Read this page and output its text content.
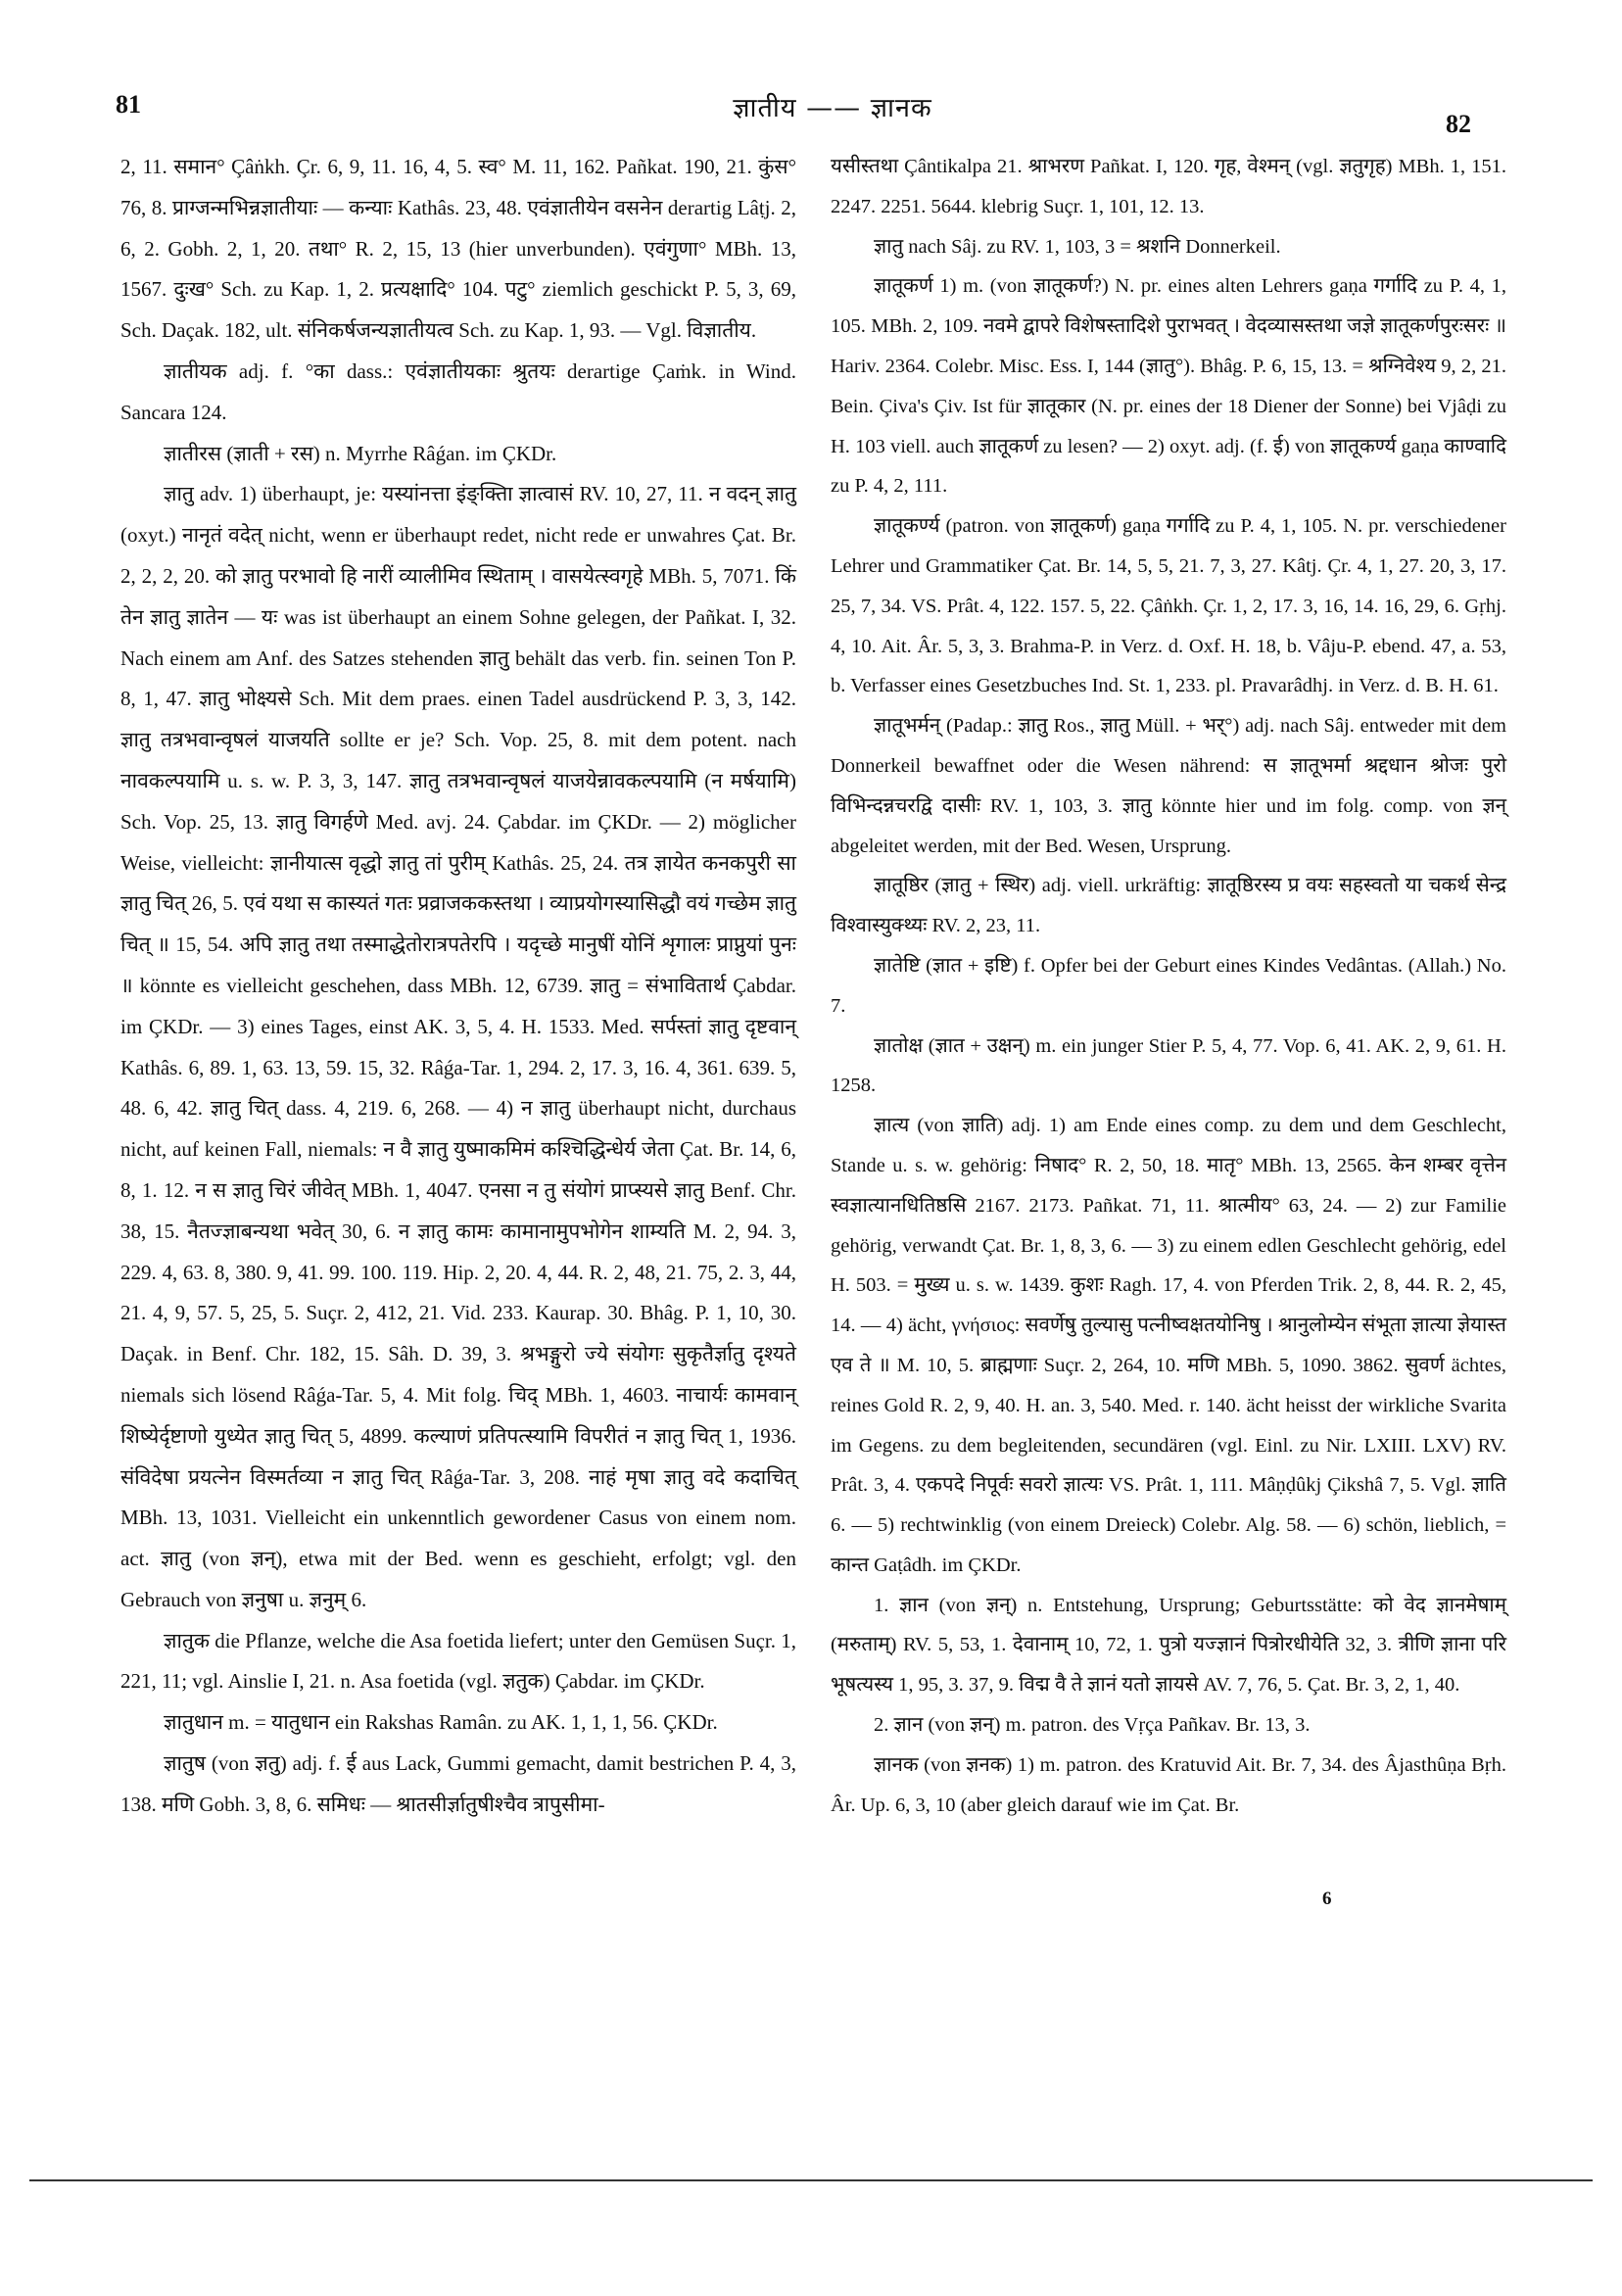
81	ज्ञातीय —— ज्ञानक
82

2, 11. समान° Çâṅkh. Çr. 6, 9, 11. 16, 4, 5. स्व° M. 11, 162. Pañkat. 190, 21. कुंस° 76, 8. प्राग्जन्मभिन्नज्ञातीयाः — कन्याः Kathâs. 23, 48. एवंज्ञातीयेन वसनेन derartig Lâṭj. 2, 6, 2. Gobh. 2, 1, 20. तथा° R. 2, 15, 13 (hier unverbunden). एवंगुणा° MBh. 13, 1567. दुःख° Sch. zu Kap. 1, 2. प्रत्यक्षादि° 104. पटु° ziemlich geschickt P. 5, 3, 69, Sch. Daçak. 182, ult. संनिकर्षजन्यज्ञातीयत्व Sch. zu Kap. 1, 93. — Vgl. विज्ञातीय.

ज्ञातीयक adj. f. °का dass.: एवंज्ञातीयकाः श्रुतयः derartige Çaṁk. in Wind. Sancara 124.

ज्ञातीरस (ज्ञाती + रस) n. Myrrhe Râǵan. im ÇKDr.

ज्ञातु adv. 1) überhaupt, je: यस्यांनत्ता इंङ्क्तिा ज्ञात्वासं RV. 10, 27, 11. न वदन् ज्ञातु (oxyt.) नानृतं वदेत् nicht, wenn er überhaupt redet, nicht rede er unwahres Çat. Br. 2, 2, 2, 20. को ज्ञातु परभावो हि नारीं व्यालीमिव स्थिताम् । वासयेत्स्वगृहे MBh. 5, 7071. किं तेन ज्ञातु ज्ञातेन — यः was ist überhaupt an einem Sohne gelegen, der Pañkat. I, 32. Nach einem am Anf. des Satzes stehenden ज्ञातु behält das verb. fin. seinen Ton P. 8, 1, 47. ज्ञातु भोक्ष्यसे Sch. Mit dem praes. einen Tadel ausdrückend P. 3, 3, 142. ज्ञातु तत्रभवान्वृषलं याजयति sollte er je? Sch. Vop. 25, 8. mit dem potent. nach नावकल्पयामि u. s. w. P. 3, 3, 147. ज्ञातु तत्रभवान्वृषलं याजयेन्नावकल्पयामि (न मर्षयामि) Sch. Vop. 25, 13. ज्ञातु विगर्हणे Med. avj. 24. Çabdar. im ÇKDr. — 2) möglicher Weise, vielleicht: ज्ञानीयात्स वृद्धो ज्ञातु तां पुरीम् Kathâs. 25, 24. तत्र ज्ञायेत कनकपुरी सा ज्ञातु चित् 26, 5. एवं यथा स कास्यतं गतः प्रव्राजककस्तथा । व्याप्रयोगस्यासिद्धौ वयं गच्छेम ज्ञातु चित् ॥ 15, 54. अपि ज्ञातु तथा तस्माद्धेतोरात्रपतेरपि । यदृच्छे मानुषीं योनिं शृगालः प्राप्नुयां पुनः ॥ könnte es vielleicht geschehen, dass MBh. 12, 6739. ज्ञातु = संभावितार्थ Çabdar. im ÇKDr. — 3) eines Tages, einst AK. 3, 5, 4. H. 1533. Med. सर्पस्तां ज्ञातु दृष्टवान् Kathâs. 6, 89. 1, 63. 13, 59. 15, 32. Râǵa-Tar. 1, 294. 2, 17. 3, 16. 4, 361. 639. 5, 48. 6, 42. ज्ञातु चित् dass. 4, 219. 6, 268. — 4) न ज्ञातु überhaupt nicht, durchaus nicht, auf keinen Fall, niemals: न वै ज्ञातु युष्माकमिमं कश्चिद्धिन्धेर्य जेता Çat. Br. 14, 6, 8, 1. 12. न स ज्ञातु चिरं जीवेत् MBh. 1, 4047. एनसा न तु संयोगं प्राप्स्यसे ज्ञातु Benf. Chr. 38, 15. नैतज्ज्ञाबन्यथा भवेत् 30, 6. न ज्ञातु कामः कामानामुपभोगेन शाम्यति M. 2, 94. 3, 229. 4, 63. 8, 380. 9, 41. 99. 100. 119. Hip. 2, 20. 4, 44. R. 2, 48, 21. 75, 2. 3, 44, 21. 4, 9, 57. 5, 25, 5. Suçr. 2, 412, 21. Vid. 233. Kaurap. 30. Bhâg. P. 1, 10, 30. Daçak. in Benf. Chr. 182, 15. Sâh. D. 39, 3. श्रभङ्गुरो ज्ये संयोगः सुकृतैर्ज्ञातु दृश्यते niemals sich lösend Râǵa-Tar. 5, 4. Mit folg. चिद् MBh. 1, 4603. नाचार्यः कामवान् शिष्येर्दृष्टाणो युध्येत ज्ञातु चित् 5, 4899. कल्याणं प्रतिपत्स्यामि विपरीतं न ज्ञातु चित् 1, 1936. संविदेषा प्रयत्नेन विस्मर्तव्या न ज्ञातु चित् Râǵa-Tar. 3, 208. नाहं मृषा ज्ञातु वदे कदाचित् MBh. 13, 1031. Vielleicht ein unkenntlich gewordener Casus von einem nom. act. ज्ञातु (von ज्ञन्), etwa mit der Bed. wenn es geschieht, erfolgt; vgl. den Gebrauch von ज्ञनुषा u. ज्ञनुम् 6.

ज्ञातुक die Pflanze, welche die Asa foetida liefert; unter den Gemüsen Suçr. 1, 221, 11; vgl. Ainslie I, 21. n. Asa foetida (vgl. ज्ञतुक) Çabdar. im ÇKDr.

ज्ञातुधान m. = यातुधान ein Rakshas Ramân. zu AK. 1, 1, 1, 56. ÇKDr.

ज्ञातुष (von ज्ञतु) adj. f. ई aus Lack, Gummi gemacht, damit bestrichen P. 4, 3, 138. मणि Gobh. 3, 8, 6. समिधः — श्रातसीर्ज्ञातुषीश्चैव त्रापुसीमा-

यसीस्तथा Çântikalpa 21. श्राभरण Pañkat. I, 120. गृह, वेश्मन् (vgl. ज्ञतुगृह) MBh. 1, 151. 2247. 2251. 5644. klebrig Suçr. 1, 101, 12. 13.

ज्ञातु nach Sâj. zu RV. 1, 103, 3 = श्रशनि Donnerkeil.

ज्ञातूकर्ण 1) m. (von ज्ञातूकर्ण?) N. pr. eines alten Lehrers gaṇa गर्गादि zu P. 4, 1, 105. MBh. 2, 109. नवमे द्वापरे विशेषस्तादिशे पुराभवत् । वेदव्यासस्तथा जज्ञे ज्ञातूकर्णपुरःसरः ॥ Hariv. 2364. Colebr. Misc. Ess. I, 144 (ज्ञातु°). Bhâg. P. 6, 15, 13. = श्रग्निवेश्य 9, 2, 21. Bein. Çiva's Çiv. Ist für ज्ञातूकार (N. pr. eines der 18 Diener der Sonne) bei Vjâḍi zu H. 103 viell. auch ज्ञातूकर्ण zu lesen? — 2) oxyt. adj. (f. ई) von ज्ञातूकर्ण्य gaṇa काण्वादि zu P. 4, 2, 111.

ज्ञातूकर्ण्य (patron. von ज्ञातूकर्ण) gaṇa गर्गादि zu P. 4, 1, 105. N. pr. verschiedener Lehrer und Grammatiker Çat. Br. 14, 5, 5, 21. 7, 3, 27. Kâtj. Çr. 4, 1, 27. 20, 3, 17. 25, 7, 34. VS. Prât. 4, 122. 157. 5, 22. Çâṅkh. Çr. 1, 2, 17. 3, 16, 14. 16, 29, 6. Gṛhj. 4, 10. Ait. Âr. 5, 3, 3. Brahma-P. in Verz. d. Oxf. H. 18, b. Vâju-P. ebend. 47, a. 53, b. Verfasser eines Gesetzbuches Ind. St. 1, 233. pl. Pravarâdhj. in Verz. d. B. H. 61.

ज्ञातूभर्मन् (Padap.: ज्ञातु Ros., ज्ञातु Müll. + भर्°) adj. nach Sâj. entweder mit dem Donnerkeil bewaffnet oder die Wesen nährend: स ज्ञातूभर्मा श्रद्दधान श्रोजः पुरो विभिन्दन्नचरद्वि दासीः RV. 1, 103, 3. ज्ञातु könnte hier und im folg. comp. von ज्ञन् abgeleitet werden, mit der Bed. Wesen, Ursprung.

ज्ञातूष्ठिर (ज्ञातु + स्थिर) adj. viell. urkräftig: ज्ञातूष्ठिरस्य प्र वयः सहस्वतो या चकर्थ सेन्द्र विश्वास्युक्थ्यः RV. 2, 23, 11.

ज्ञातेष्टि (ज्ञात + इष्टि) f. Opfer bei der Geburt eines Kindes Vedântas. (Allah.) No. 7.

ज्ञातोक्ष (ज्ञात + उक्षन्) m. ein junger Stier P. 5, 4, 77. Vop. 6, 41. AK. 2, 9, 61. H. 1258.

ज्ञात्य (von ज्ञाति) adj. 1) am Ende eines comp. zu dem und dem Geschlecht, Stande u. s. w. gehörig: निषाद° R. 2, 50, 18. मातृ° MBh. 13, 2565. केन शम्बर वृत्तेन स्वज्ञात्यानधितिष्ठसि 2167. 2173. Pañkat. 71, 11. श्रात्मीय° 63, 24. — 2) zur Familie gehörig, verwandt Çat. Br. 1, 8, 3, 6. — 3) zu einem edlen Geschlecht gehörig, edel H. 503. = मुख्य u. s. w. 1439. कुशः Ragh. 17, 4. von Pferden Trik. 2, 8, 44. R. 2, 45, 14. — 4) ächt, γνήσιος: सवर्णेषु तुल्यासु पत्नीष्वक्षतयोनिषु । श्रानुलोम्येन संभूता ज्ञात्या ज्ञेयास्त एव ते ॥ M. 10, 5. ब्राह्मणाः Suçr. 2, 264, 10. मणि MBh. 5, 1090. 3862. सुवर्ण ächtes, reines Gold R. 2, 9, 40. H. an. 3, 540. Med. r. 140. ächt heisst der wirkliche Svarita im Gegens. zu dem begleitenden, secundären (vgl. Einl. zu Nir. LXIII. LXV) RV. Prât. 3, 4. एकपदे निपूर्वः सवरो ज्ञात्यः VS. Prât. 1, 111. Mâṇḍûkj Çikshâ 7, 5. Vgl. ज्ञाति 6. — 5) rechtwinklig (von einem Dreieck) Colebr. Alg. 58. — 6) schön, lieblich, = कान्त Gaṭâdh. im ÇKDr.

1. ज्ञान (von ज्ञन्) n. Entstehung, Ursprung; Geburtsstätte: को वेद ज्ञानमेषाम् (मरुताम्) RV. 5, 53, 1. देवानाम् 10, 72, 1. पुत्रो यज्ज्ञानं पित्रोरधीयेति 32, 3. त्रीणि ज्ञाना परि भूषत्यस्य 1, 95, 3. 37, 9. विद्म वै ते ज्ञानं यतो ज्ञायसे AV. 7, 76, 5. Çat. Br. 3, 2, 1, 40.

2. ज्ञान (von ज्ञन्) m. patron. des Vṛça Pañkav. Br. 13, 3.

ज्ञानक (von ज्ञनक) 1) m. patron. des Kratuvid Ait. Br. 7, 34. des Âjasthûṇa Bṛh. Âr. Up. 6, 3, 10 (aber gleich darauf wie im Çat. Br.

6
